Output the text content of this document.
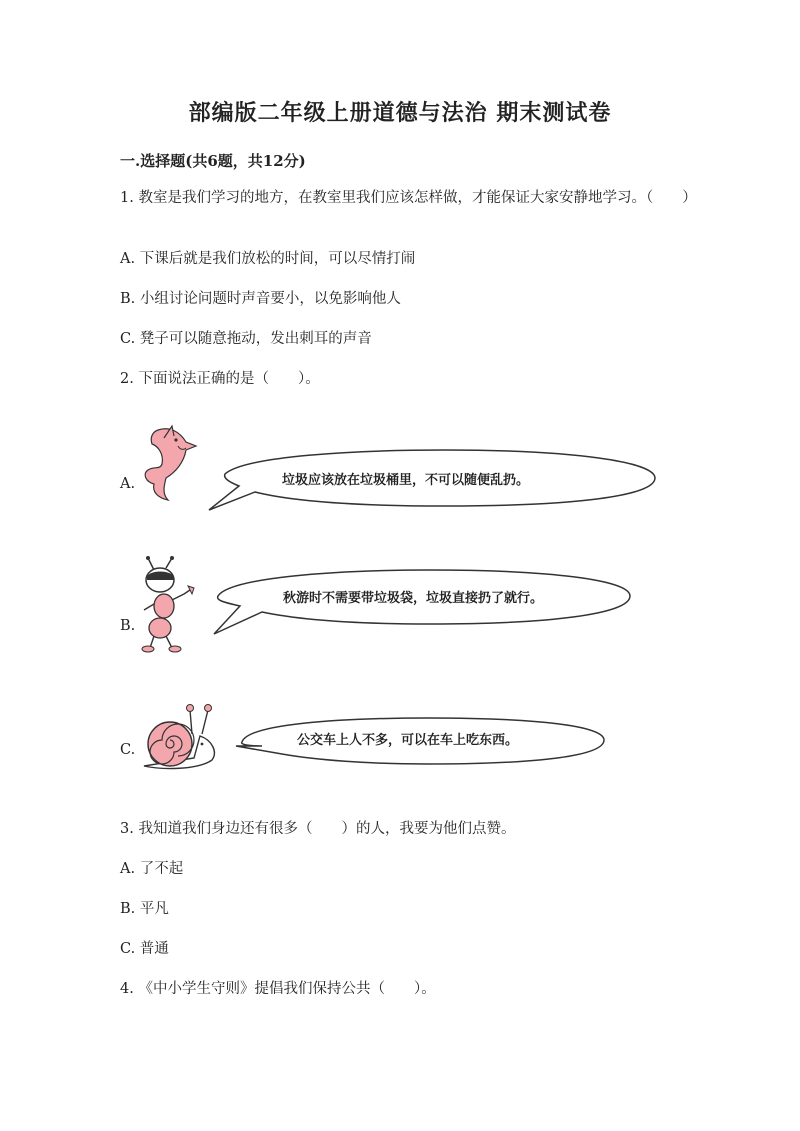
部编版二年级上册道德与法治 期末测试卷
一.选择题(共6题，共12分)
1. 教室是我们学习的地方，在教室里我们应该怎样做，才能保证大家安静地学习。（　　）
A. 下课后就是我们放松的时间，可以尽情打闹
B. 小组讨论问题时声音要小，以免影响他人
C. 凳子可以随意拖动，发出刺耳的声音
2. 下面说法正确的是（　　）。
A.	垃圾应该放在垃圾桶里，不可以随便乱扔。
B.
秋游时不需要带垃圾袋，垃圾直接扔了就行。
C.
公交车上人不多，可以在车上吃东西。
3. 我知道我们身边还有很多（　　）的人，我要为他们点赞。
A. 了不起
B. 平凡
C. 普通
4. 《中小学生守则》提倡我们保持公共（　　）。
